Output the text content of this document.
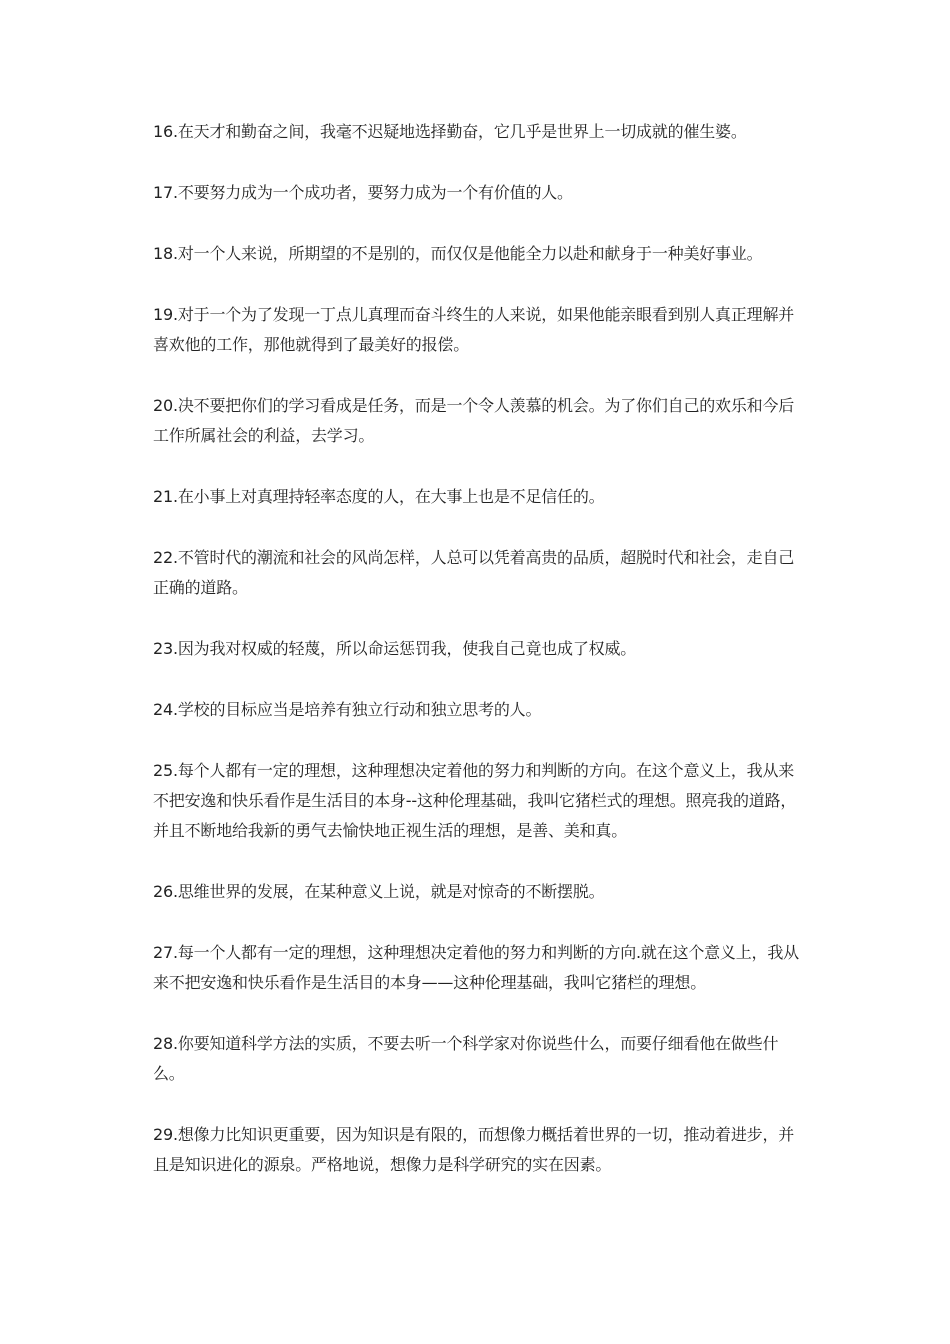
16.在天才和勤奋之间，我毫不迟疑地选择勤奋，它几乎是世界上一切成就的催生婆。

17.不要努力成为一个成功者，要努力成为一个有价值的人。

18.对一个人来说，所期望的不是别的，而仅仅是他能全力以赴和献身于一种美好事业。

19.对于一个为了发现一丁点儿真理而奋斗终生的人来说，如果他能亲眼看到别人真正理解并喜欢他的工作，那他就得到了最美好的报偿。

20.决不要把你们的学习看成是任务，而是一个令人羡慕的机会。为了你们自己的欢乐和今后工作所属社会的利益，去学习。

21.在小事上对真理持轻率态度的人，在大事上也是不足信任的。

22.不管时代的潮流和社会的风尚怎样，人总可以凭着高贵的品质，超脱时代和社会，走自己正确的道路。

23.因为我对权威的轻蔑，所以命运惩罚我，使我自己竟也成了权威。

24.学校的目标应当是培养有独立行动和独立思考的人。

25.每个人都有一定的理想，这种理想决定着他的努力和判断的方向。在这个意义上，我从来不把安逸和快乐看作是生活目的本身--这种伦理基础，我叫它猪栏式的理想。照亮我的道路，并且不断地给我新的勇气去愉快地正视生活的理想，是善、美和真。

26.思维世界的发展，在某种意义上说，就是对惊奇的不断摆脱。

27.每一个人都有一定的理想，这种理想决定着他的努力和判断的方向.就在这个意义上，我从来不把安逸和快乐看作是生活目的本身——这种伦理基础，我叫它猪栏的理想。

28.你要知道科学方法的实质，不要去听一个科学家对你说些什么，而要仔细看他在做些什么。

29.想像力比知识更重要，因为知识是有限的，而想像力概括着世界的一切，推动着进步，并且是知识进化的源泉。严格地说，想像力是科学研究的实在因素。
